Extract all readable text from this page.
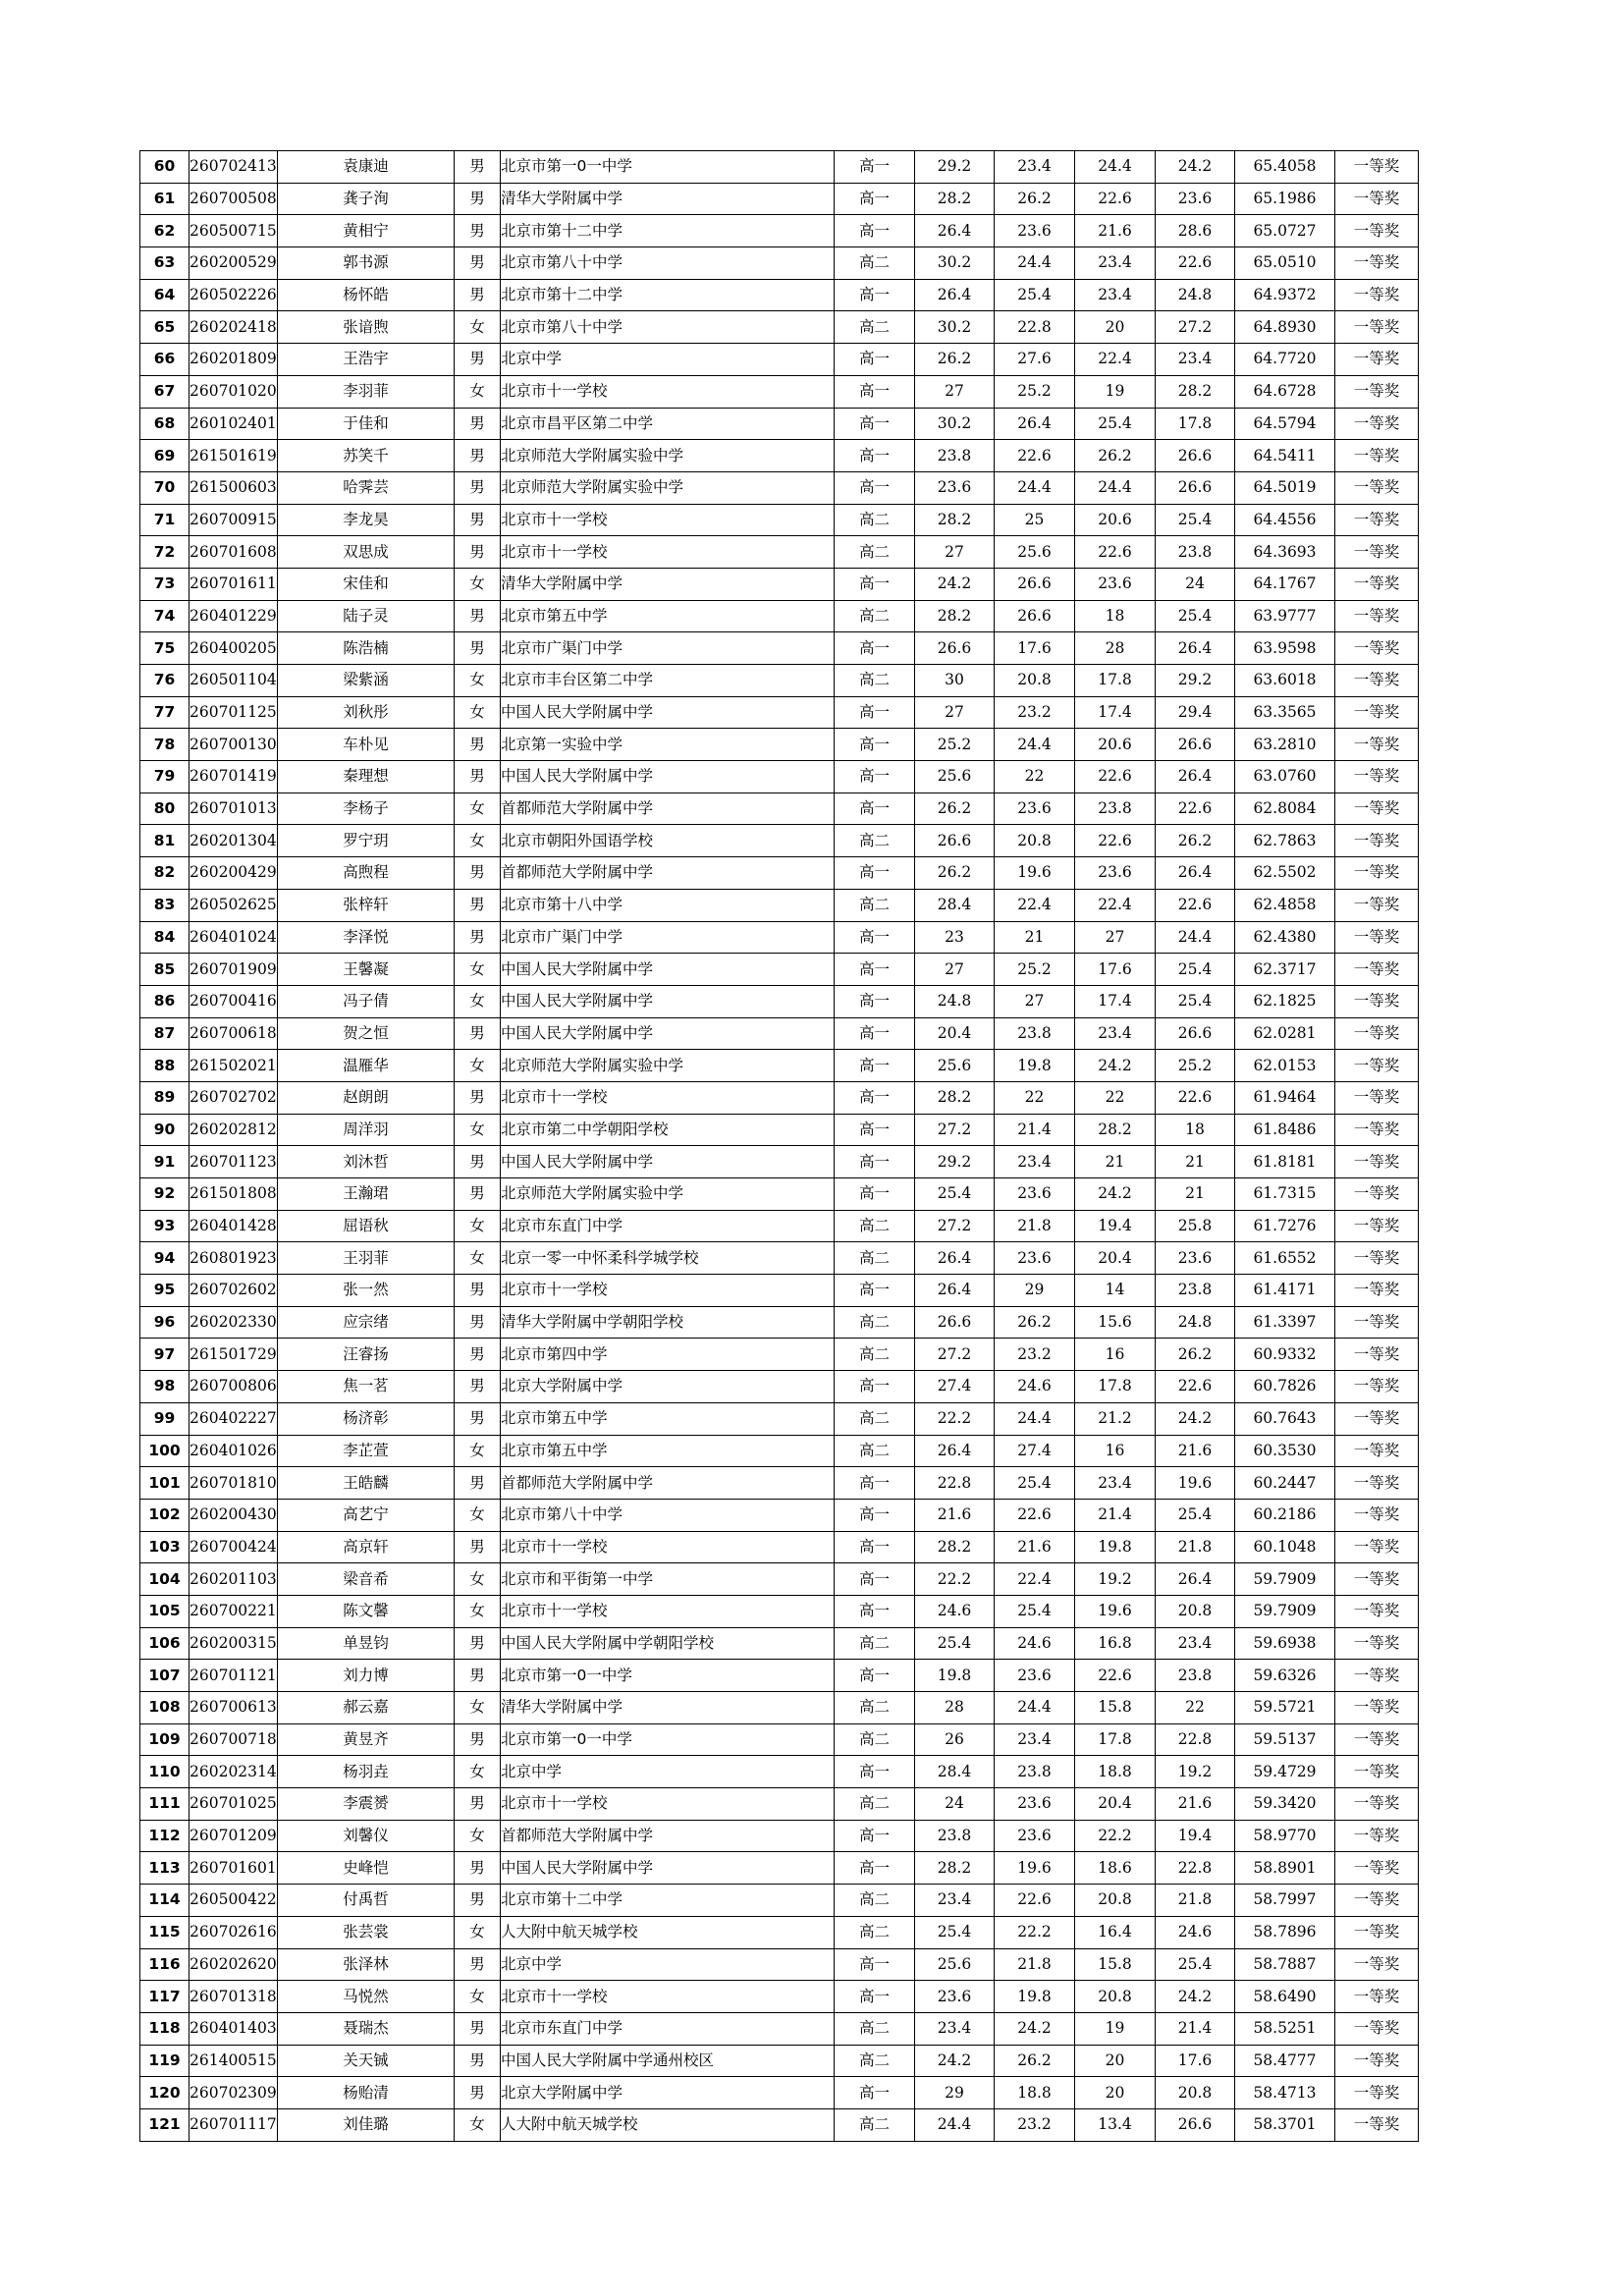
60	260702413	袁康迪	男	北京市第一0一中学	高一	29.2	23.4	24.4	24.2	65.4058	一等奖
61	260700508	龚子洵	男	清华大学附属中学	高一	28.2	26.2	22.6	23.6	65.1986	一等奖
62	260500715	黄相宁	男	北京市第十二中学	高一	26.4	23.6	21.6	28.6	65.0727	一等奖
63	260200529	郭书源	男	北京市第八十中学	高二	30.2	24.4	23.4	22.6	65.0510	一等奖
64	260502226	杨怀皓	男	北京市第十二中学	高一	26.4	25.4	23.4	24.8	64.9372	一等奖
65	260202418	张谙煦	女	北京市第八十中学	高二	30.2	22.8	20	27.2	64.8930	一等奖
66	260201809	王浩宇	男	北京中学	高一	26.2	27.6	22.4	23.4	64.7720	一等奖
67	260701020	李羽菲	女	北京市十一学校	高一	27	25.2	19	28.2	64.6728	一等奖
68	260102401	于佳和	男	北京市昌平区第二中学	高一	30.2	26.4	25.4	17.8	64.5794	一等奖
69	261501619	苏笑千	男	北京师范大学附属实验中学	高一	23.8	22.6	26.2	26.6	64.5411	一等奖
70	261500603	哈霁芸	男	北京师范大学附属实验中学	高一	23.6	24.4	24.4	26.6	64.5019	一等奖
71	260700915	李龙昊	男	北京市十一学校	高二	28.2	25	20.6	25.4	64.4556	一等奖
72	260701608	双思成	男	北京市十一学校	高二	27	25.6	22.6	23.8	64.3693	一等奖
73	260701611	宋佳和	女	清华大学附属中学	高一	24.2	26.6	23.6	24	64.1767	一等奖
74	260401229	陆子灵	男	北京市第五中学	高二	28.2	26.6	18	25.4	63.9777	一等奖
75	260400205	陈浩楠	男	北京市广渠门中学	高一	26.6	17.6	28	26.4	63.9598	一等奖
76	260501104	梁紫涵	女	北京市丰台区第二中学	高二	30	20.8	17.8	29.2	63.6018	一等奖
77	260701125	刘秋彤	女	中国人民大学附属中学	高一	27	23.2	17.4	29.4	63.3565	一等奖
78	260700130	车朴见	男	北京第一实验中学	高一	25.2	24.4	20.6	26.6	63.2810	一等奖
79	260701419	秦理想	男	中国人民大学附属中学	高一	25.6	22	22.6	26.4	63.0760	一等奖
80	260701013	李杨子	女	首都师范大学附属中学	高一	26.2	23.6	23.8	22.6	62.8084	一等奖
81	260201304	罗宁玥	女	北京市朝阳外国语学校	高二	26.6	20.8	22.6	26.2	62.7863	一等奖
82	260200429	高煦程	男	首都师范大学附属中学	高一	26.2	19.6	23.6	26.4	62.5502	一等奖
83	260502625	张梓轩	男	北京市第十八中学	高二	28.4	22.4	22.4	22.6	62.4858	一等奖
84	260401024	李泽悦	男	北京市广渠门中学	高一	23	21	27	24.4	62.4380	一等奖
85	260701909	王馨凝	女	中国人民大学附属中学	高一	27	25.2	17.6	25.4	62.3717	一等奖
86	260700416	冯子倩	女	中国人民大学附属中学	高一	24.8	27	17.4	25.4	62.1825	一等奖
87	260700618	贺之恒	男	中国人民大学附属中学	高一	20.4	23.8	23.4	26.6	62.0281	一等奖
88	261502021	温雁华	女	北京师范大学附属实验中学	高一	25.6	19.8	24.2	25.2	62.0153	一等奖
89	260702702	赵朗朗	男	北京市十一学校	高一	28.2	22	22	22.6	61.9464	一等奖
90	260202812	周洋羽	女	北京市第二中学朝阳学校	高一	27.2	21.4	28.2	18	61.8486	一等奖
91	260701123	刘沐哲	男	中国人民大学附属中学	高一	29.2	23.4	21	21	61.8181	一等奖
92	261501808	王瀚珺	男	北京师范大学附属实验中学	高一	25.4	23.6	24.2	21	61.7315	一等奖
93	260401428	屈语秋	女	北京市东直门中学	高二	27.2	21.8	19.4	25.8	61.7276	一等奖
94	260801923	王羽菲	女	北京一零一中怀柔科学城学校	高二	26.4	23.6	20.4	23.6	61.6552	一等奖
95	260702602	张一然	男	北京市十一学校	高一	26.4	29	14	23.8	61.4171	一等奖
96	260202330	应宗绪	男	清华大学附属中学朝阳学校	高二	26.6	26.2	15.6	24.8	61.3397	一等奖
97	261501729	汪睿扬	男	北京市第四中学	高二	27.2	23.2	16	26.2	60.9332	一等奖
98	260700806	焦一茗	男	北京大学附属中学	高一	27.4	24.6	17.8	22.6	60.7826	一等奖
99	260402227	杨济彰	男	北京市第五中学	高二	22.2	24.4	21.2	24.2	60.7643	一等奖
100	260401026	李芷萱	女	北京市第五中学	高二	26.4	27.4	16	21.6	60.3530	一等奖
101	260701810	王皓麟	男	首都师范大学附属中学	高一	22.8	25.4	23.4	19.6	60.2447	一等奖
102	260200430	高艺宁	女	北京市第八十中学	高一	21.6	22.6	21.4	25.4	60.2186	一等奖
103	260700424	高京轩	男	北京市十一学校	高一	28.2	21.6	19.8	21.8	60.1048	一等奖
104	260201103	梁音希	女	北京市和平街第一中学	高一	22.2	22.4	19.2	26.4	59.7909	一等奖
105	260700221	陈文馨	女	北京市十一学校	高一	24.6	25.4	19.6	20.8	59.7909	一等奖
106	260200315	单昱钧	男	中国人民大学附属中学朝阳学校	高二	25.4	24.6	16.8	23.4	59.6938	一等奖
107	260701121	刘力博	男	北京市第一0一中学	高一	19.8	23.6	22.6	23.8	59.6326	一等奖
108	260700613	郝云嘉	女	清华大学附属中学	高二	28	24.4	15.8	22	59.5721	一等奖
109	260700718	黄昱齐	男	北京市第一0一中学	高二	26	23.4	17.8	22.8	59.5137	一等奖
110	260202314	杨羽垚	女	北京中学	高一	28.4	23.8	18.8	19.2	59.4729	一等奖
111	260701025	李震赟	男	北京市十一学校	高二	24	23.6	20.4	21.6	59.3420	一等奖
112	260701209	刘馨仪	女	首都师范大学附属中学	高一	23.8	23.6	22.2	19.4	58.9770	一等奖
113	260701601	史峰恺	男	中国人民大学附属中学	高一	28.2	19.6	18.6	22.8	58.8901	一等奖
114	260500422	付禹哲	男	北京市第十二中学	高二	23.4	22.6	20.8	21.8	58.7997	一等奖
115	260702616	张芸裳	女	人大附中航天城学校	高二	25.4	22.2	16.4	24.6	58.7896	一等奖
116	260202620	张泽林	男	北京中学	高一	25.6	21.8	15.8	25.4	58.7887	一等奖
117	260701318	马悦然	女	北京市十一学校	高一	23.6	19.8	20.8	24.2	58.6490	一等奖
118	260401403	聂瑞杰	男	北京市东直门中学	高二	23.4	24.2	19	21.4	58.5251	一等奖
119	261400515	关天铖	男	中国人民大学附属中学通州校区	高二	24.2	26.2	20	17.6	58.4777	一等奖
120	260702309	杨贻清	男	北京大学附属中学	高一	29	18.8	20	20.8	58.4713	一等奖
121	260701117	刘佳璐	女	人大附中航天城学校	高二	24.4	23.2	13.4	26.6	58.3701	一等奖
